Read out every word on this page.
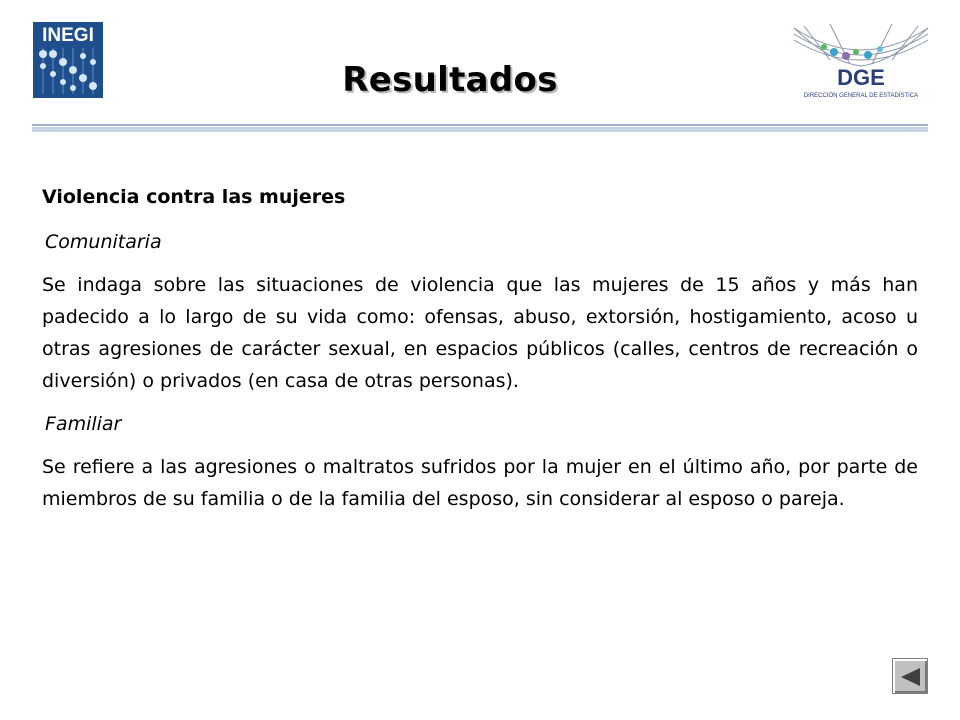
INEGI
DGE
DIRECCIÓN GENERAL DE ESTADÍSTICA
Resultados
Violencia contra las mujeres
Comunitaria
Se indaga sobre las situaciones de violencia que las mujeres de 15 años y más han padecido a lo largo de su vida como: ofensas, abuso, extorsión, hostigamiento, acoso u otras agresiones de carácter sexual, en espacios públicos (calles, centros de recreación o diversión) o privados (en casa de otras personas).
Familiar
Se refiere a las agresiones o maltratos sufridos por la mujer en el último año, por parte de miembros de su familia o de la familia del esposo, sin considerar al esposo o pareja.
